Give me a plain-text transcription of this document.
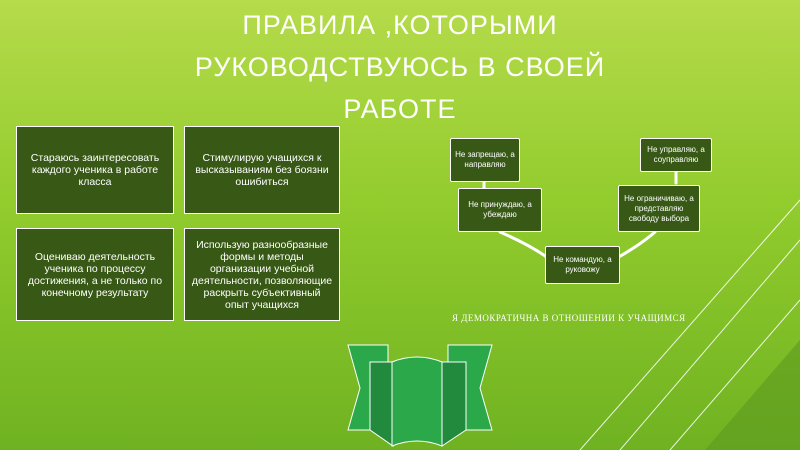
ПРАВИЛА ,КОТОРЫМИ РУКОВОДСТВУЮСЬ В СВОЕЙ РАБОТЕ
Стараюсь заинтересовать каждого ученика в работе класса
Стимулирую учащихся к высказываниям без боязни ошибиться
Оцениваю деятельность ученика по процессу достижения, а не только по конечному результату
Использую разнообразные формы и методы организации учебной деятельности, позволяющие раскрыть субъективный опыт учащихся
Не запрещаю, а направляю
Не принуждаю, а убеждаю
Не командую, а руковожу
Не ограничиваю, а представляю свободу выбора
Не управляю, а соуправляю
Я ДЕМОКРАТИЧНА В ОТНОШЕНИИ К УЧАЩИМСЯ
